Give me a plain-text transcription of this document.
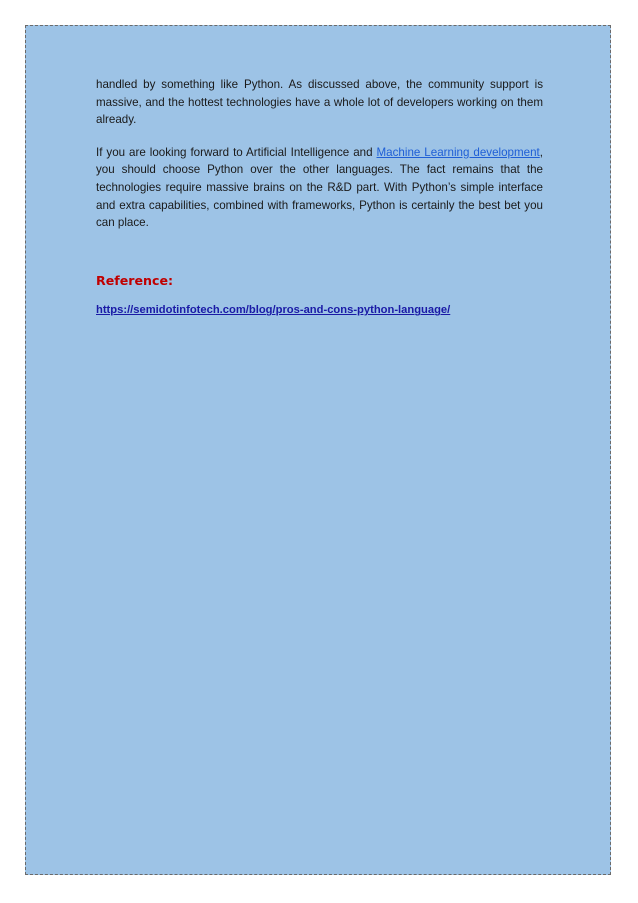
handled by something like Python. As discussed above, the community support is massive, and the hottest technologies have a whole lot of developers working on them already.

If you are looking forward to Artificial Intelligence and Machine Learning development, you should choose Python over the other languages. The fact remains that the technologies require massive brains on the R&D part. With Python’s simple interface and extra capabilities, combined with frameworks, Python is certainly the best bet you can place.

Reference:
https://semidotinfotech.com/blog/pros-and-cons-python-language/
